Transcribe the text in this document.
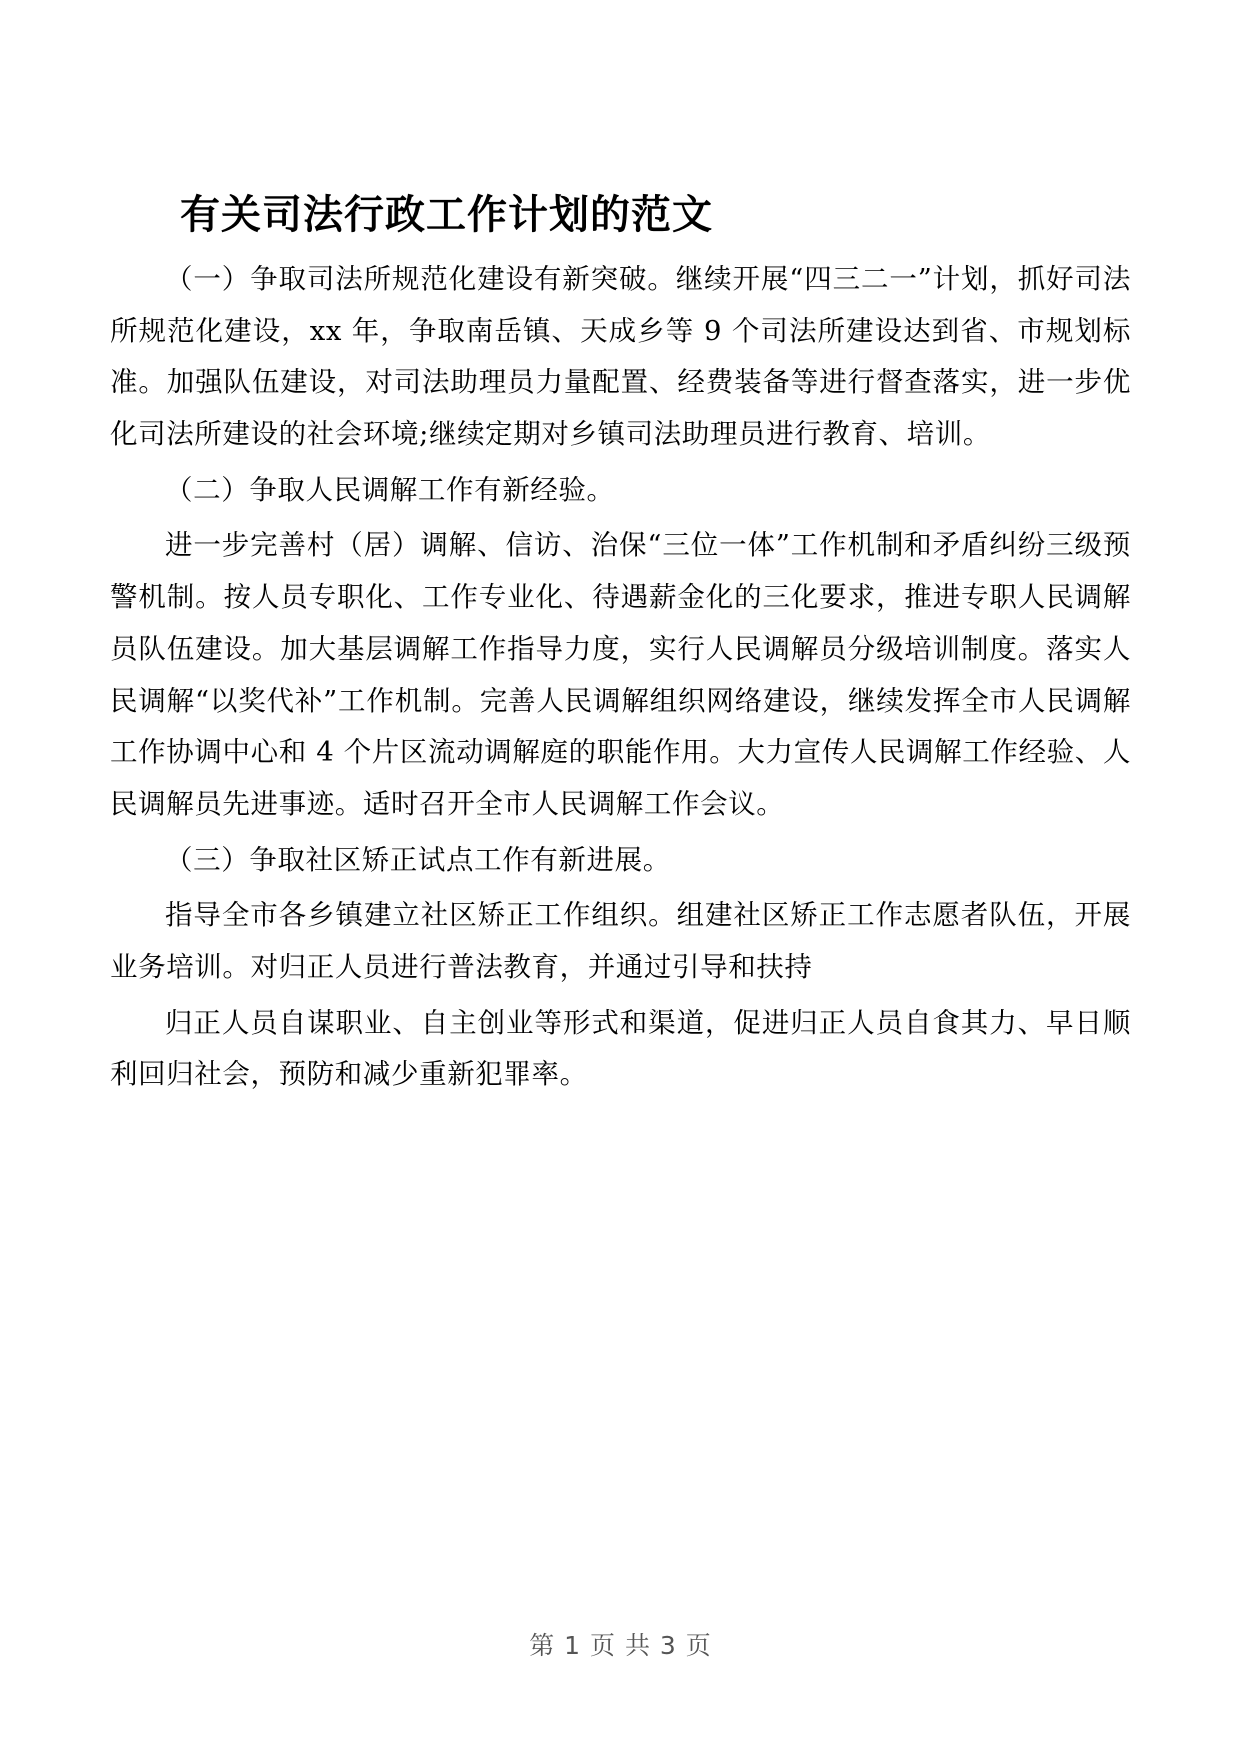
有关司法行政工作计划的范文

（一）争取司法所规范化建设有新突破。继续开展“四三二一”计划，抓好司法所规范化建设，xx 年，争取南岳镇、天成乡等 9 个司法所建设达到省、市规划标准。加强队伍建设，对司法助理员力量配置、经费装备等进行督查落实，进一步优化司法所建设的社会环境;继续定期对乡镇司法助理员进行教育、培训。

（二）争取人民调解工作有新经验。

进一步完善村（居）调解、信访、治保“三位一体”工作机制和矛盾纠纷三级预警机制。按人员专职化、工作专业化、待遇薪金化的三化要求，推进专职人民调解员队伍建设。加大基层调解工作指导力度，实行人民调解员分级培训制度。落实人民调解“以奖代补”工作机制。完善人民调解组织网络建设，继续发挥全市人民调解工作协调中心和 4 个片区流动调解庭的职能作用。大力宣传人民调解工作经验、人民调解员先进事迹。适时召开全市人民调解工作会议。

（三）争取社区矫正试点工作有新进展。

指导全市各乡镇建立社区矫正工作组织。组建社区矫正工作志愿者队伍，开展业务培训。对归正人员进行普法教育，并通过引导和扶持

归正人员自谋职业、自主创业等形式和渠道，促进归正人员自食其力、早日顺利回归社会，预防和减少重新犯罪率。

第 1 页 共 3 页
